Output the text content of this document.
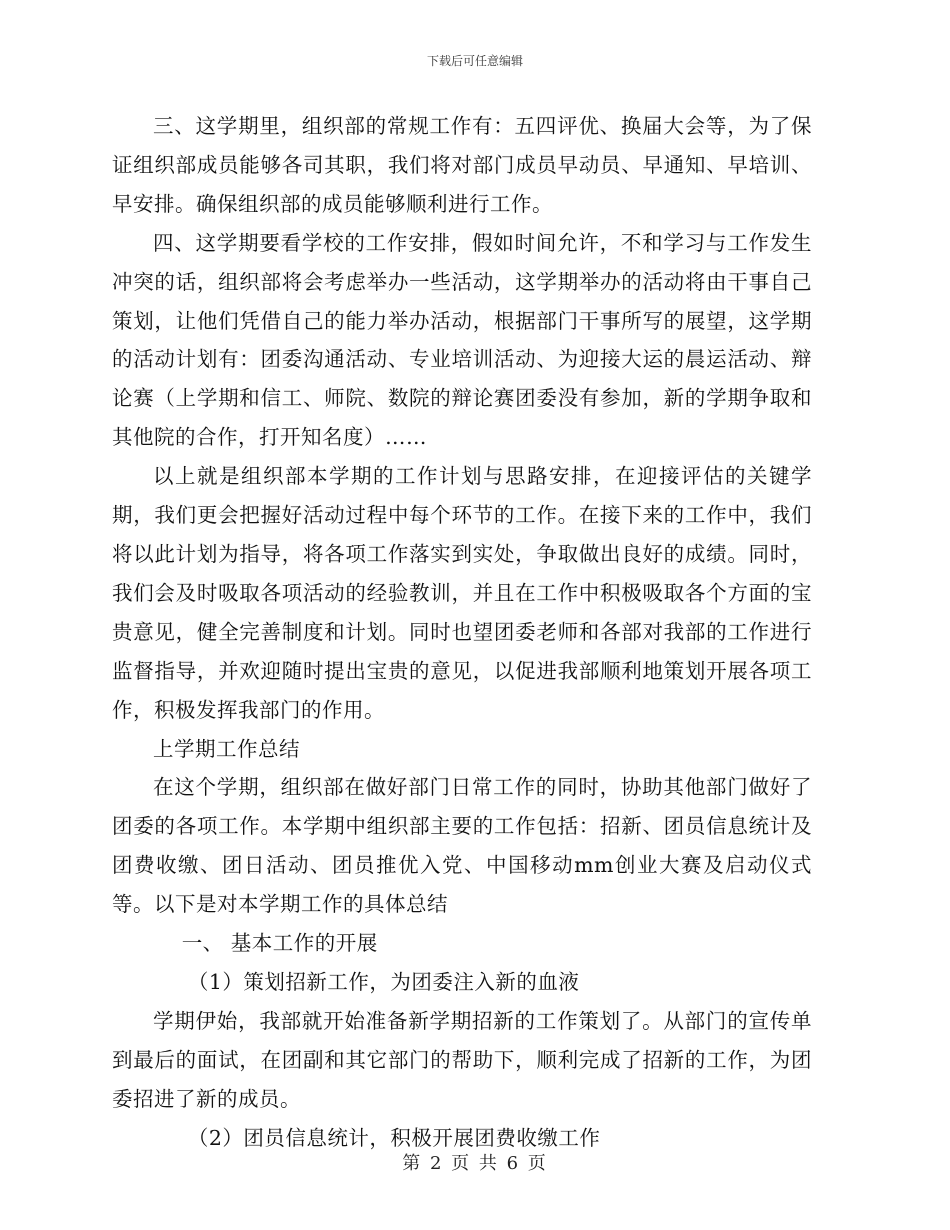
下载后可任意编辑

三、这学期里，组织部的常规工作有：五四评优、换届大会等，为了保证组织部成员能够各司其职，我们将对部门成员早动员、早通知、早培训、早安排。确保组织部的成员能够顺利进行工作。

四、这学期要看学校的工作安排，假如时间允许，不和学习与工作发生冲突的话，组织部将会考虑举办一些活动，这学期举办的活动将由干事自己策划，让他们凭借自己的能力举办活动，根据部门干事所写的展望，这学期的活动计划有：团委沟通活动、专业培训活动、为迎接大运的晨运活动、辩论赛（上学期和信工、师院、数院的辩论赛团委没有参加，新的学期争取和其他院的合作，打开知名度）……

以上就是组织部本学期的工作计划与思路安排，在迎接评估的关键学期，我们更会把握好活动过程中每个环节的工作。在接下来的工作中，我们将以此计划为指导，将各项工作落实到实处，争取做出良好的成绩。同时，我们会及时吸取各项活动的经验教训，并且在工作中积极吸取各个方面的宝贵意见，健全完善制度和计划。同时也望团委老师和各部对我部的工作进行监督指导，并欢迎随时提出宝贵的意见，以促进我部顺利地策划开展各项工作，积极发挥我部门的作用。

上学期工作总结

在这个学期，组织部在做好部门日常工作的同时，协助其他部门做好了团委的各项工作。本学期中组织部主要的工作包括：招新、团员信息统计及团费收缴、团日活动、团员推优入党、中国移动mm创业大赛及启动仪式等。以下是对本学期工作的具体总结

一、 基本工作的开展

（1）策划招新工作，为团委注入新的血液

学期伊始，我部就开始准备新学期招新的工作策划了。从部门的宣传单到最后的面试，在团副和其它部门的帮助下，顺利完成了招新的工作，为团委招进了新的成员。

（2）团员信息统计，积极开展团费收缴工作

第 2 页 共 6 页
